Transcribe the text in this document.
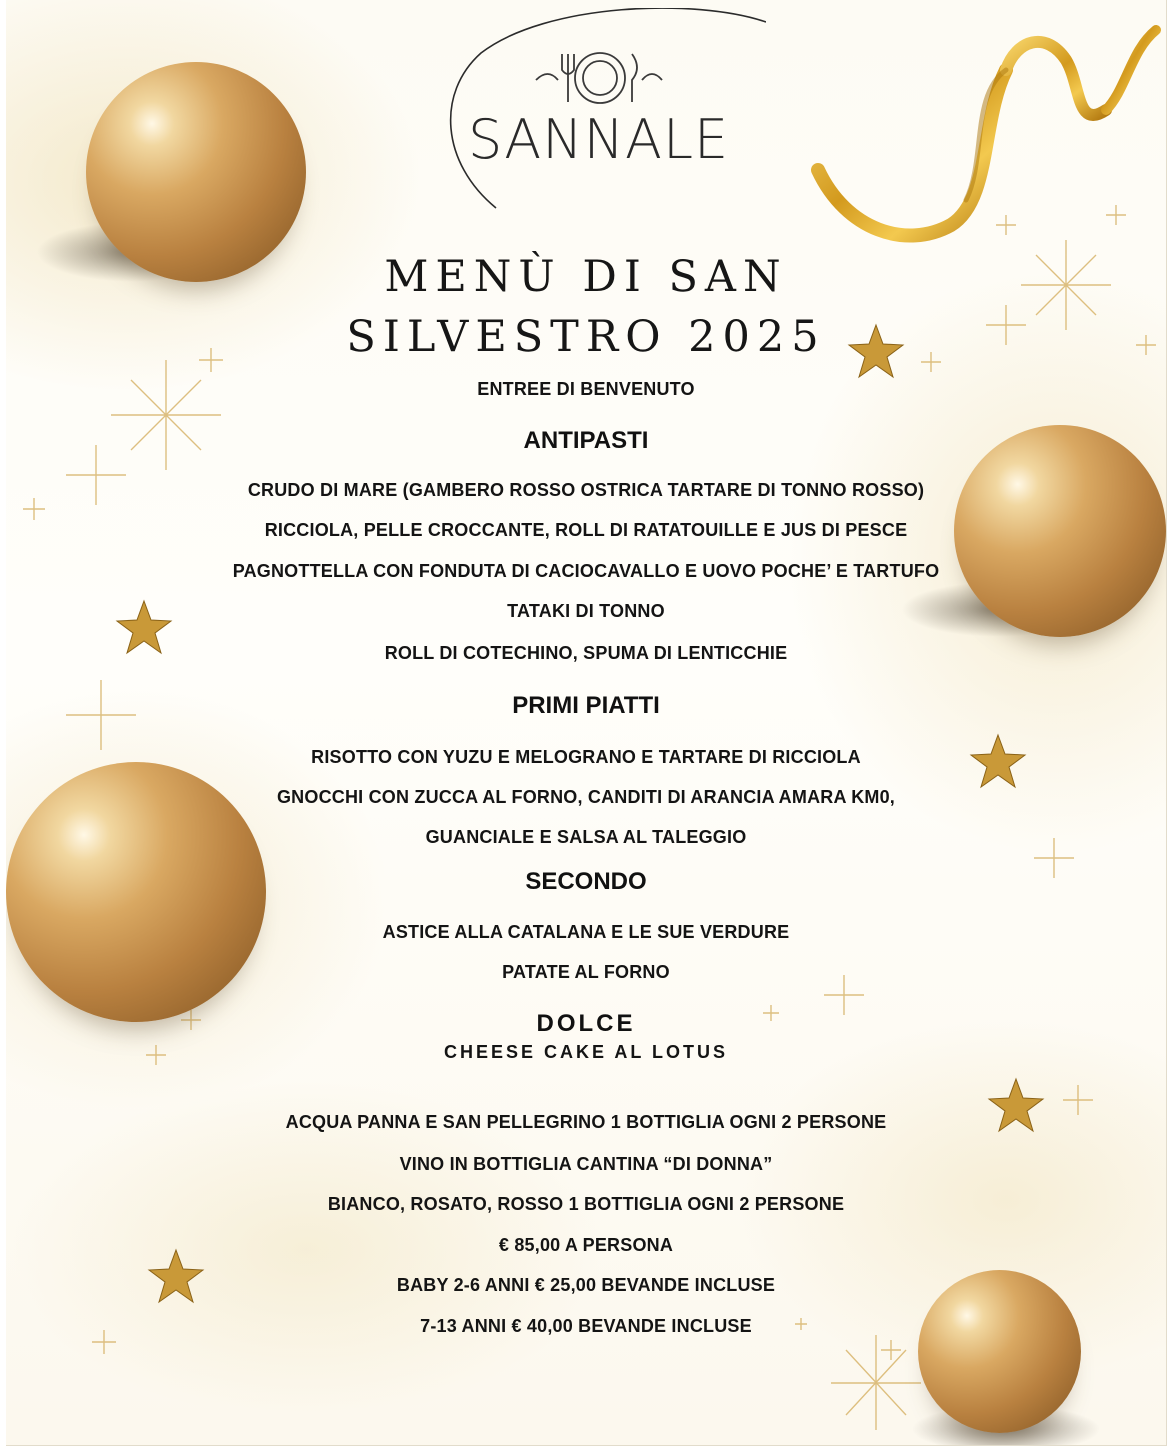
SANNALE
MENÙ DI SAN
SILVESTRO 2025
ENTREE DI BENVENUTO
ANTIPASTI
CRUDO DI MARE (GAMBERO ROSSO OSTRICA TARTARE DI TONNO ROSSO)
RICCIOLA, PELLE CROCCANTE, ROLL DI RATATOUILLE E JUS DI PESCE
PAGNOTTELLA CON FONDUTA DI CACIOCAVALLO E UOVO POCHE’ E TARTUFO
TATAKI DI TONNO
ROLL DI COTECHINO, SPUMA DI LENTICCHIE
PRIMI PIATTI
RISOTTO CON YUZU E MELOGRANO E TARTARE DI RICCIOLA
GNOCCHI CON ZUCCA AL FORNO, CANDITI DI ARANCIA AMARA KM0,
GUANCIALE E SALSA AL TALEGGIO
SECONDO
ASTICE ALLA CATALANA E LE SUE VERDURE
PATATE AL FORNO
DOLCE
CHEESE CAKE AL LOTUS
ACQUA PANNA E SAN PELLEGRINO 1 BOTTIGLIA OGNI 2 PERSONE
VINO IN BOTTIGLIA CANTINA “DI DONNA”
BIANCO, ROSATO, ROSSO 1 BOTTIGLIA OGNI 2 PERSONE
€ 85,00 A PERSONA
BABY 2-6 ANNI € 25,00 BEVANDE INCLUSE
7-13 ANNI € 40,00 BEVANDE INCLUSE
